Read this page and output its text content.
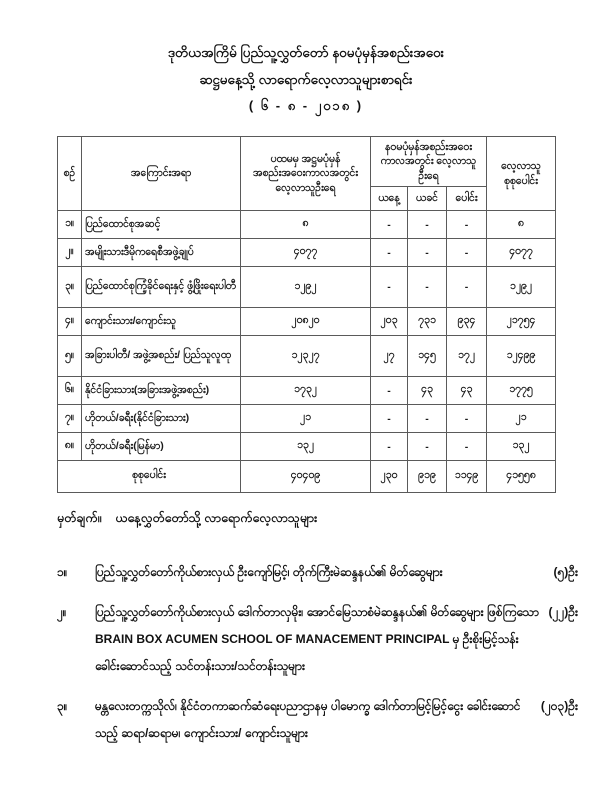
ဒုတိယအကြိမ် ပြည်သူ့လွှတ်တော် နဝမပုံမှန်အစည်းအဝေး
ဆဋ္ဌမနေ့သို့ လာရောက်လေ့လာသူများစာရင်း
( ၆ - ၈ - ၂၀၁၈ )
စဉ်	အကြောင်းအရာ	ပထမမှ အဋ္ဌမပုံမှန် အစည်းအဝေးကာလအတွင်း လေ့လာသူဦးရေ	နဝမပုံမှန်အစည်းအဝေး ကာလအတွင်း လေ့လာသူဦးရေ			လေ့လာသူ စုစုပေါင်း
			ယနေ့	ယခင်	ပေါင်း	
၁။	ပြည်ထောင်စုအဆင့်	၈	-	-	-	၈
၂။	အမျိုးသားဒီမိုကရေစီအဖွဲ့ချုပ်	၄၀၇၇	-	-	-	၄၀၇၇
၃။	ပြည်ထောင်စုကြံ့ခိုင်ရေးနှင့် ဖွံ့ဖြိုးရေးပါတီ	၁၂၉၂	-	-	-	၁၂၉၂
၄။	ကျောင်းသား/ကျောင်းသူ	၂၀၈၂၀	၂၀၃	၇၃၁	၉၃၄	၂၁၇၅၄
၅။	အခြားပါတီ/ အဖွဲ့အစည်း/ ပြည်သူလူထု	၁၂၃၂၇	၂၇	၁၄၅	၁၇၂	၁၂၄၉၉
၆။	နိုင်ငံခြားသား(အခြားအဖွဲ့အစည်း)	၁၇၃၂	-	၄၃	၄၃	၁၇၇၅
၇။	ဟိုတယ်/ခရီး(နိုင်ငံခြားသား)	၂၁	-	-	-	၂၁
၈။	ဟိုတယ်/ခရီး(မြန်မာ)	၁၃၂	-	-	-	၁၃၂
စုစုပေါင်း		၄၀၄၀၉	၂၃၀	၉၁၉	၁၁၄၉	၄၁၅၅၈
မှတ်ချက်။ ယနေ့လွှတ်တော်သို့ လာရောက်လေ့လာသူများ
၁။	ပြည်သူ့လွှတ်တော်ကိုယ်စားလှယ် ဦးကျော်မြင့်၊ တိုက်ကြီးမဲဆန္ဒနယ်၏ မိတ်ဆွေများ	(၅)ဦး
၂။	ပြည်သူ့လွှတ်တော်ကိုယ်စားလှယ် ဒေါက်တာလှမိုး၊ အောင်မြေသာစံမဲဆန္ဒနယ်၏ မိတ်ဆွေများ ဖြစ်ကြသော BRAIN BOX ACUMEN SCHOOL OF MANACEMENT PRINCIPAL မှ ဦးစိုးမြင့်သန်းခေါင်းဆောင်သည့် သင်တန်းသား/သင်တန်းသူများ
(၂၂)ဦး
၃။	မန္တလေးတက္ကသိုလ်၊ နိုင်ငံတကာဆက်ဆံရေးပညာဌာနမှ ပါမောက္ခ ဒေါက်တာမြင့်မြင့်ငွေး ခေါင်းဆောင်သည့် ဆရာ/ဆရာမ၊ ကျောင်းသား/ ကျောင်းသူများ
(၂၀၃)ဦး
